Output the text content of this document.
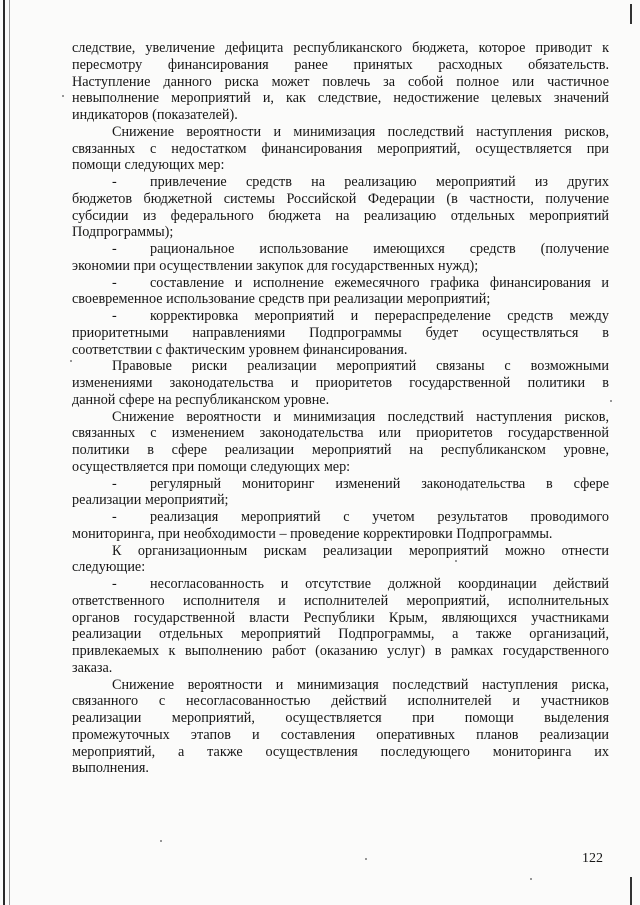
следствие, увеличение дефицита республиканского бюджета, которое приводит к
пересмотру финансирования ранее принятых расходных обязательств.
Наступление данного риска может повлечь за собой полное или частичное
невыполнение мероприятий и, как следствие, недостижение целевых значений
индикаторов (показателей).
Снижение вероятности и минимизация последствий наступления рисков,
связанных с недостатком финансирования мероприятий, осуществляется при
помощи следующих мер:
-	привлечение средств на реализацию мероприятий из других
бюджетов бюджетной системы Российской Федерации (в частности, получение
субсидии из федерального бюджета на реализацию отдельных мероприятий
Подпрограммы);
-	рациональное использование имеющихся средств (получение
экономии при осуществлении закупок для государственных нужд);
-	составление и исполнение ежемесячного графика финансирования и
своевременное использование средств при реализации мероприятий;
-	корректировка мероприятий и перераспределение средств между
приоритетными направлениями Подпрограммы будет осуществляться в
соответствии с фактическим уровнем финансирования.
Правовые риски реализации мероприятий связаны с возможными
изменениями законодательства и приоритетов государственной политики в
данной сфере на республиканском уровне.
Снижение вероятности и минимизация последствий наступления рисков,
связанных с изменением законодательства или приоритетов государственной
политики в сфере реализации мероприятий на республиканском уровне,
осуществляется при помощи следующих мер:
-	регулярный мониторинг изменений законодательства в сфере
реализации мероприятий;
-	реализация мероприятий с учетом результатов проводимого
мониторинга, при необходимости – проведение корректировки Подпрограммы.
К организационным рискам реализации мероприятий можно отнести
следующие:
-	несогласованность и отсутствие должной координации действий
ответственного исполнителя и исполнителей мероприятий, исполнительных
органов государственной власти Республики Крым, являющихся участниками
реализации отдельных мероприятий Подпрограммы, а также организаций,
привлекаемых к выполнению работ (оказанию услуг) в рамках государственного
заказа.
Снижение вероятности и минимизация последствий наступления риска,
связанного с несогласованностью действий исполнителей и участников
реализации мероприятий, осуществляется при помощи выделения
промежуточных этапов и составления оперативных планов реализации
мероприятий, а также осуществления последующего мониторинга их
выполнения.
122
